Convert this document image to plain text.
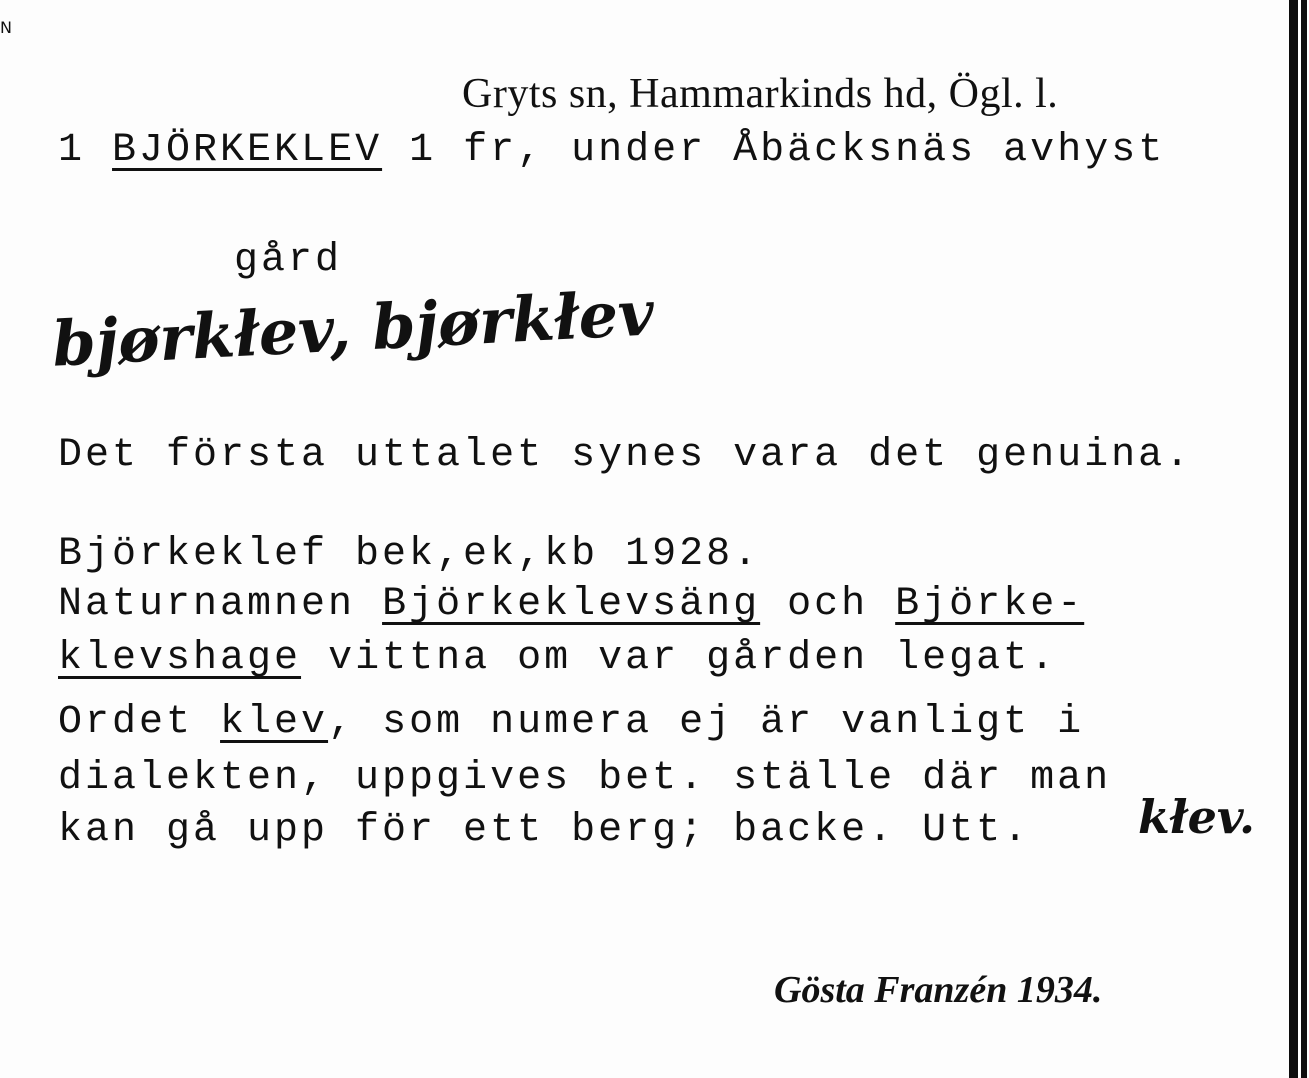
N
Gryts sn, Hammarkinds hd, Ögl. l.
1 BJÖRKEKLEV 1 fr, under Åbäcksnäs avhyst
gård
bjørkłev, bjørkłev
Det första uttalet synes vara det genuina.
Björkeklef bek,ek,kb 1928.
Naturnamnen Björkeklevsäng och Björke-
klevshage vittna om var gården legat.
Ordet klev, som numera ej är vanligt i
dialekten, uppgives bet. ställe där man
kan gå upp för ett berg; backe. Utt. kłev.
Gösta Franzén 1934.
